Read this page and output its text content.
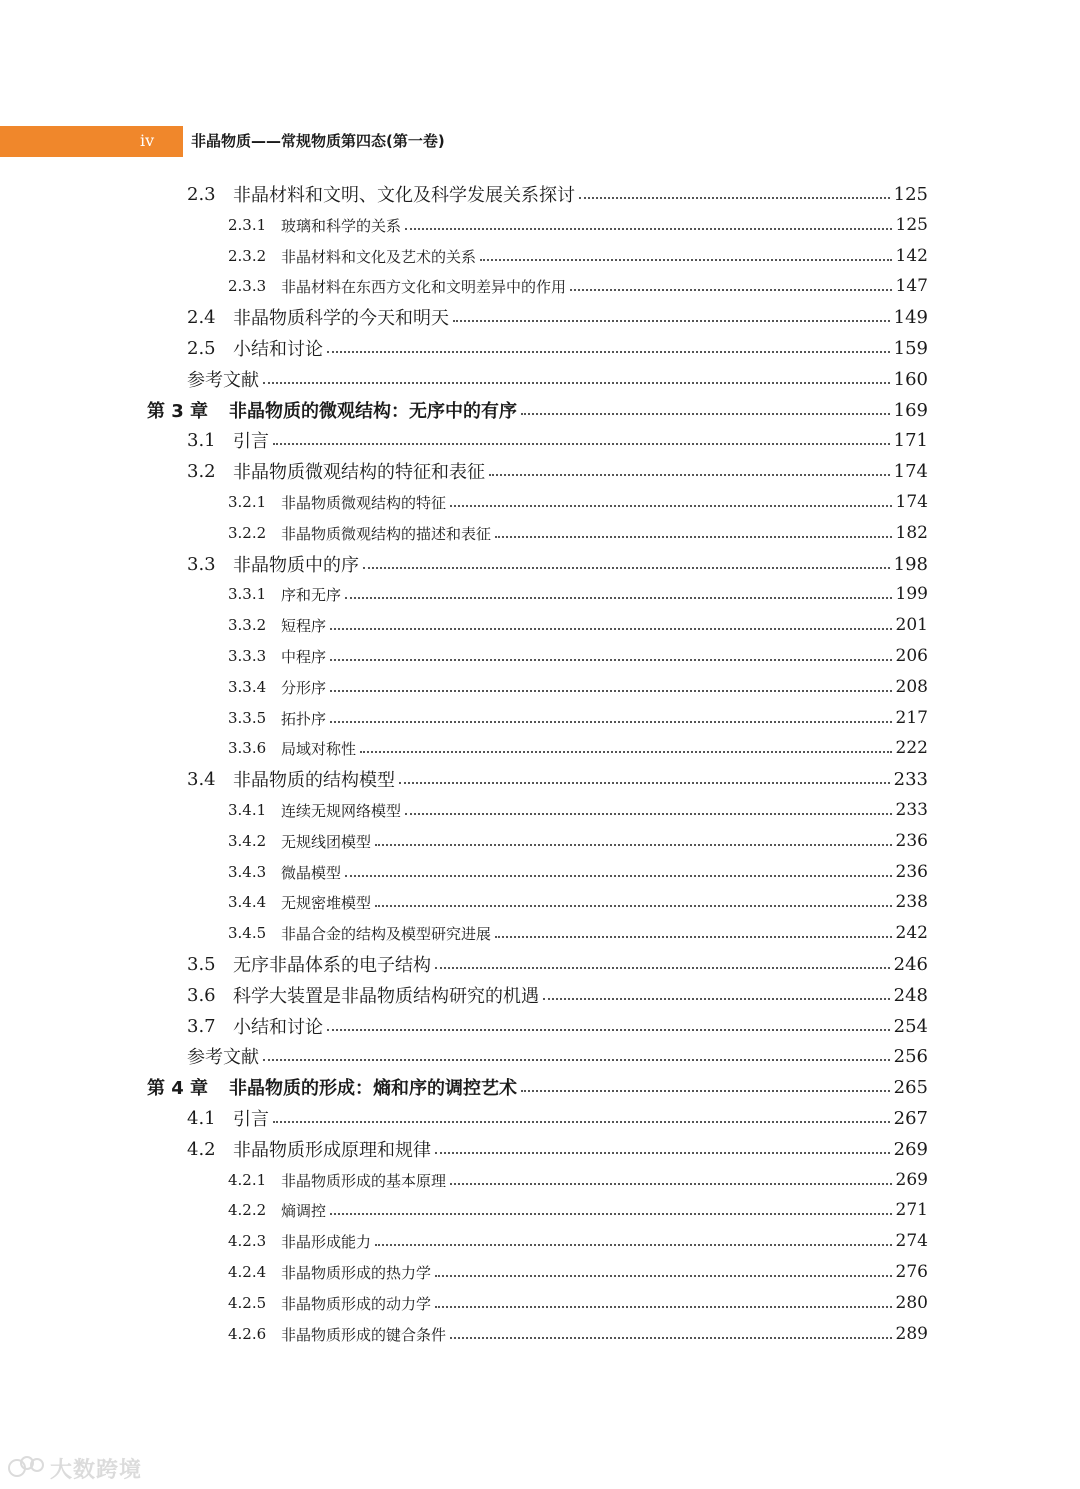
iv	非晶物质——常规物质第四态(第一卷)
2.3 非晶材料和文明、文化及科学发展关系探讨	125
2.3.1 玻璃和科学的关系	125
2.3.2 非晶材料和文化及艺术的关系	142
2.3.3 非晶材料在东西方文化和文明差异中的作用	147
2.4 非晶物质科学的今天和明天	149
2.5 小结和讨论	159
参考文献	160
第 3 章	非晶物质的微观结构：无序中的有序	169
3.1 引言	171
3.2 非晶物质微观结构的特征和表征	174
3.2.1 非晶物质微观结构的特征	174
3.2.2 非晶物质微观结构的描述和表征	182
3.3 非晶物质中的序	198
3.3.1 序和无序	199
3.3.2 短程序	201
3.3.3 中程序	206
3.3.4 分形序	208
3.3.5 拓扑序	217
3.3.6 局域对称性	222
3.4 非晶物质的结构模型	233
3.4.1 连续无规网络模型	233
3.4.2 无规线团模型	236
3.4.3 微晶模型	236
3.4.4 无规密堆模型	238
3.4.5 非晶合金的结构及模型研究进展	242
3.5 无序非晶体系的电子结构	246
3.6 科学大装置是非晶物质结构研究的机遇	248
3.7 小结和讨论	254
参考文献	256
第 4 章	非晶物质的形成：熵和序的调控艺术	265
4.1 引言	267
4.2 非晶物质形成原理和规律	269
4.2.1 非晶物质形成的基本原理	269
4.2.2 熵调控	271
4.2.3 非晶形成能力	274
4.2.4 非晶物质形成的热力学	276
4.2.5 非晶物质形成的动力学	280
4.2.6 非晶物质形成的键合条件	289
大数跨境
